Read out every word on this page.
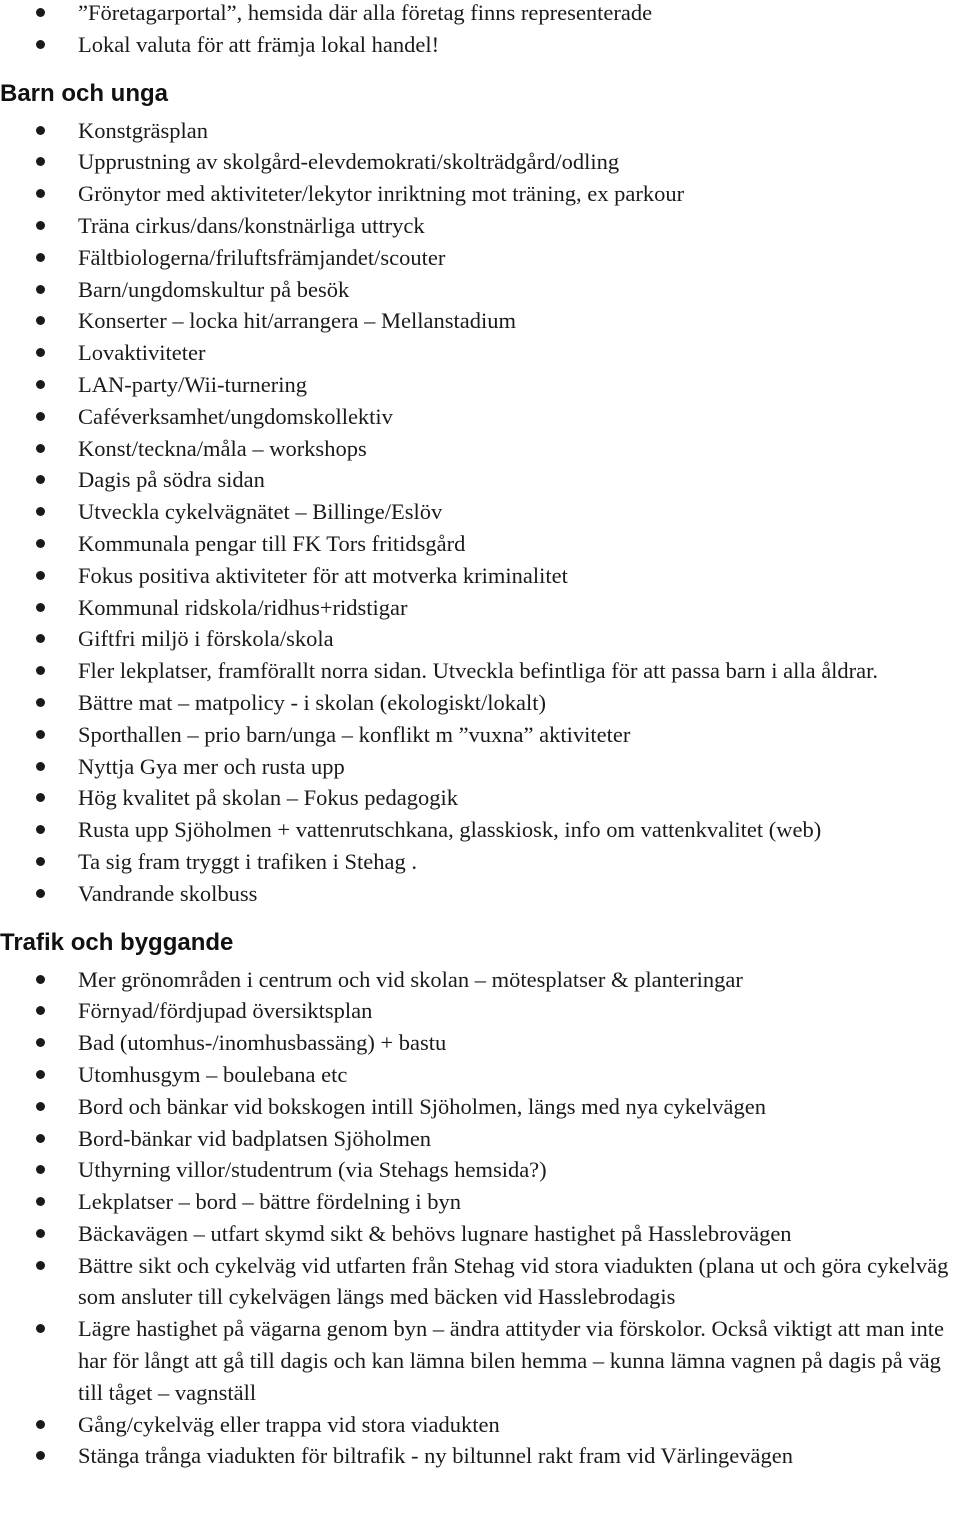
”Företagarportal”, hemsida där alla företag finns representerade
Lokal valuta för att främja lokal handel!
Barn och unga
Konstgräsplan
Upprustning av skolgård-elevdemokrati/skolträdgård/odling
Grönytor med aktiviteter/lekytor inriktning mot träning, ex parkour
Träna cirkus/dans/konstnärliga uttryck
Fältbiologerna/friluftsfrämjandet/scouter
Barn/ungdomskultur på besök
Konserter – locka hit/arrangera – Mellanstadium
Lovaktiviteter
LAN-party/Wii-turnering
Caféverksamhet/ungdomskollektiv
Konst/teckna/måla – workshops
Dagis på södra sidan
Utveckla cykelvägnätet – Billinge/Eslöv
Kommunala pengar till FK Tors fritidsgård
Fokus positiva aktiviteter för att motverka kriminalitet
Kommunal ridskola/ridhus+ridstigar
Giftfri miljö i förskola/skola
Fler lekplatser, framförallt norra sidan. Utveckla befintliga för att passa barn i alla åldrar.
Bättre mat – matpolicy - i skolan (ekologiskt/lokalt)
Sporthallen – prio barn/unga – konflikt m ”vuxna” aktiviteter
Nyttja Gya mer och rusta upp
Hög kvalitet på skolan – Fokus pedagogik
Rusta upp Sjöholmen + vattenrutschkana, glasskiosk, info om vattenkvalitet (web)
Ta sig fram tryggt i trafiken i Stehag .
Vandrande skolbuss
Trafik och byggande
Mer grönområden i centrum och vid skolan – mötesplatser & planteringar
Förnyad/fördjupad översiktsplan
Bad (utomhus-/inomhusbassäng) + bastu
Utomhusgym – boulebana etc
Bord och bänkar vid bokskogen intill Sjöholmen, längs med nya cykelvägen
Bord-bänkar vid badplatsen Sjöholmen
Uthyrning villor/studentrum (via Stehags hemsida?)
Lekplatser – bord – bättre fördelning i byn
Bäckavägen – utfart skymd sikt & behövs lugnare hastighet på Hasslebrovägen
Bättre sikt och cykelväg vid utfarten från Stehag vid stora viadukten (plana ut och göra cykelväg som ansluter till cykelvägen längs med bäcken vid Hasslebrodagis
Lägre hastighet på vägarna genom byn – ändra attityder via förskolor. Också viktigt att man inte har för långt att gå till dagis och kan lämna bilen hemma – kunna lämna vagnen på dagis på väg till tåget – vagnställ
Gång/cykelväg eller trappa vid stora viadukten
Stänga trånga viadukten för biltrafik - ny biltunnel rakt fram vid Värlingevägen
